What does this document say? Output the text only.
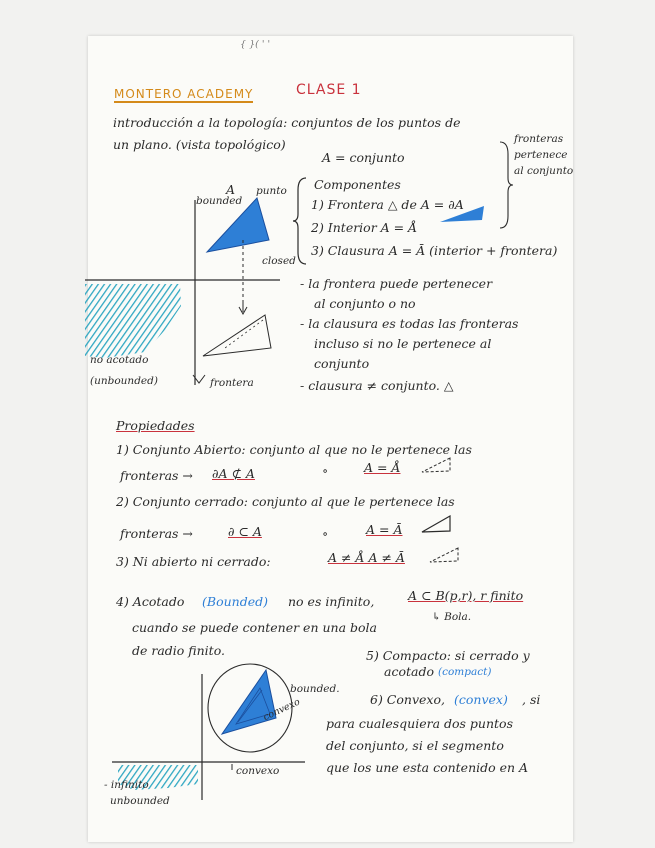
{ }( ' '
MONTERO ACADEMY	CLASE 1
introducción a la topología: conjuntos de los puntos de
un plano. (vista topológico)
A = conjunto
fronteras
pertenece
al conjunto
A
bounded
punto
closed
no acotado
(unbounded)	frontera
Componentes
1) Frontera △ de A = ∂A
2) Interior A = Å
3) Clausura A = Ā (interior + frontera)
- la frontera puede pertenecer
al conjunto o no
- la clausura es todas las fronteras
incluso si no le pertenece al
conjunto
- clausura ≠ conjunto. △
Propiedades
1) Conjunto Abierto: conjunto al que no le pertenece las
fronteras → ∂A ⊄ A	∘	A = Å
2) Conjunto cerrado: conjunto al que le pertenece las
fronteras →	∂ ⊂ A	∘	A = Ā
3) Ni abierto ni cerrado:	A ≠ Å A ≠ Ā
4) Acotado (Bounded) no es infinito,	A ⊂ B(p,r), r finito
↳ Bola.
cuando se puede contener en una bola
de radio finito.	5) Compacto: si cerrado y
acotado (compact)
6) Convexo, (convex) , si
para cualesquiera dos puntos
del conjunto, si el segmento
que los une esta contenido en A
bounded.
convexo
convexo
- infinito
unbounded
